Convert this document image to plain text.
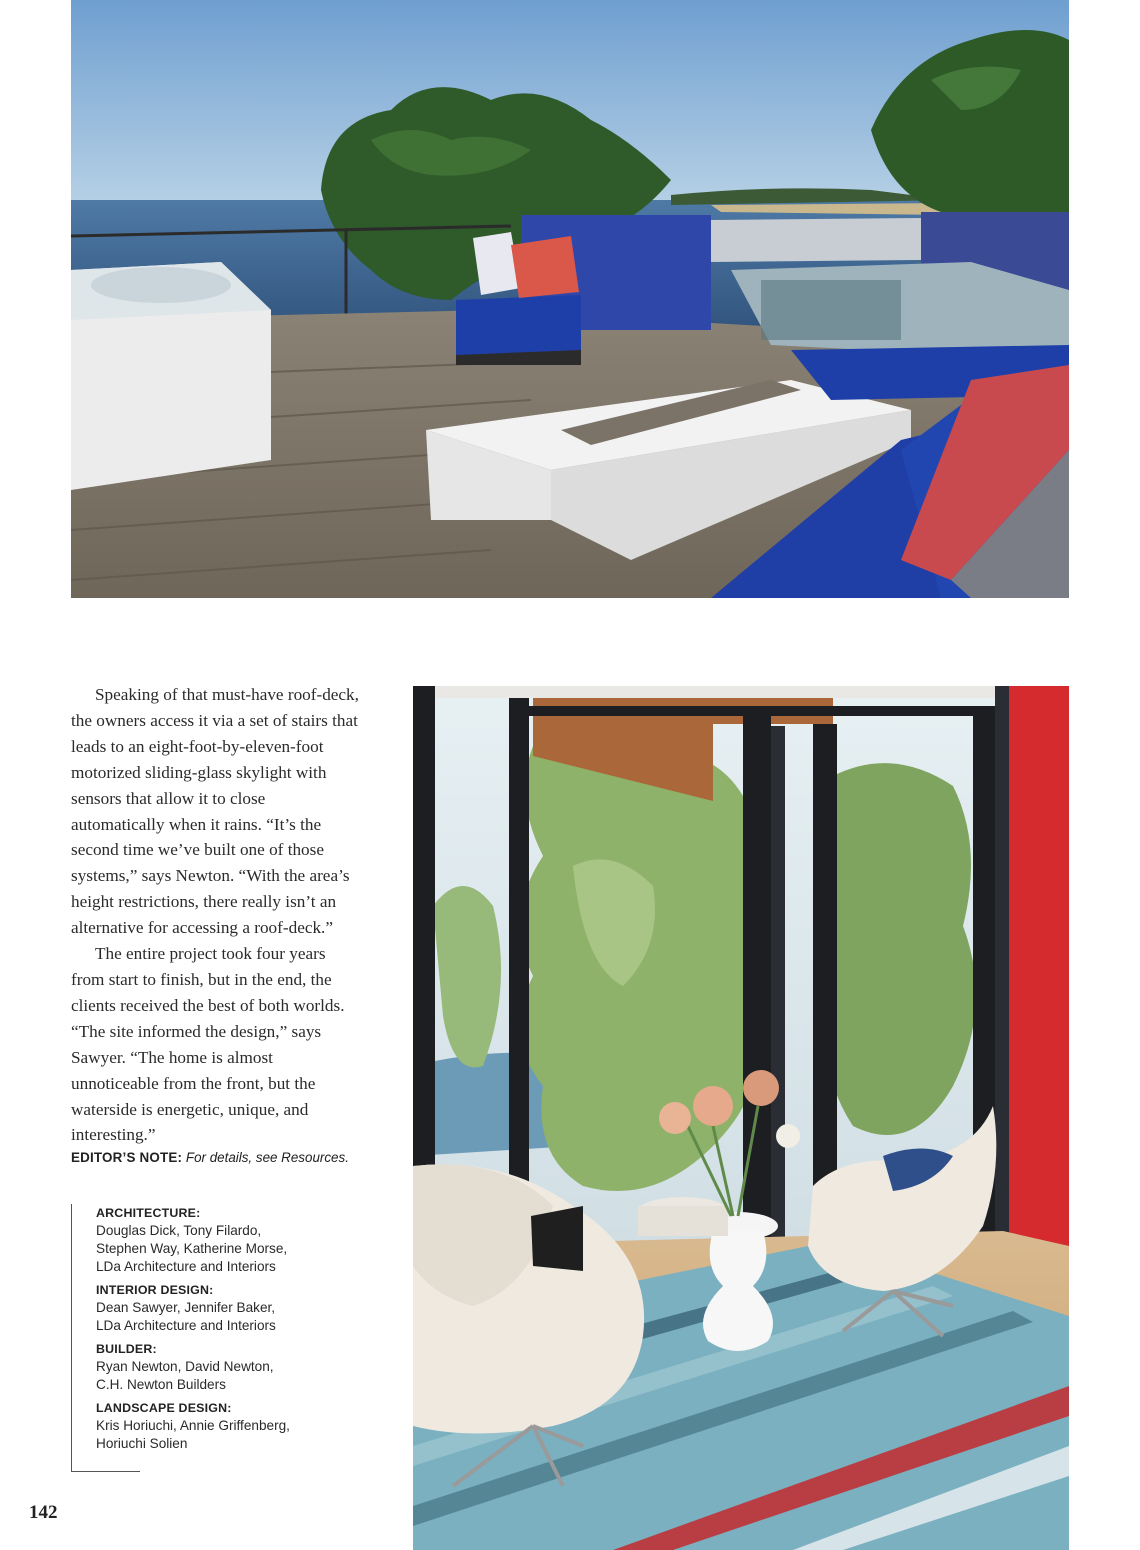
Speaking of that must-have roof-deck, the owners access it via a set of stairs that leads to an eight-foot-by-eleven-foot motorized sliding-glass skylight with sensors that allow it to close automatically when it rains. “It’s the second time we’ve built one of those systems,” says Newton. “With the area’s height restrictions, there really isn’t an alternative for accessing a roof-deck.”

The entire project took four years from start to finish, but in the end, the clients received the best of both worlds. “The site informed the design,” says Sawyer. “The home is almost unnoticeable from the front, but the waterside is energetic, unique, and interesting.”

EDITOR’S NOTE: For details, see Resources.
ARCHITECTURE:
Douglas Dick, Tony Filardo,
Stephen Way, Katherine Morse,
LDa Architecture and Interiors
INTERIOR DESIGN:
Dean Sawyer, Jennifer Baker,
LDa Architecture and Interiors
BUILDER:
Ryan Newton, David Newton,
C.H. Newton Builders
LANDSCAPE DESIGN:
Kris Horiuchi, Annie Griffenberg,
Horiuchi Solien
142
